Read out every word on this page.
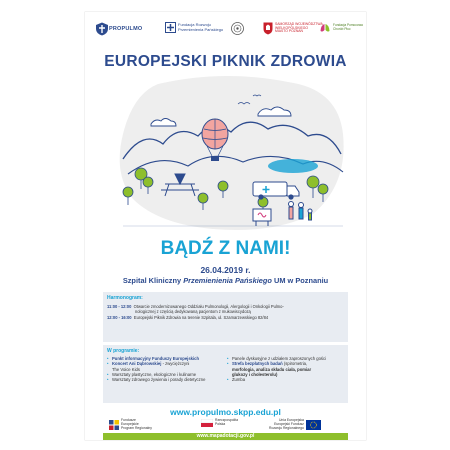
PROPULMO
Fundacja Rozwoju
Przemienienia Pańskiego
SAMORZĄD WOJEWÓDZTWA
WIELKOPOLSKIEGO
MIASTO POZNAŃ
Fundacja Pomocowa
Chorób Płuc
EUROPEJSKI PIKNIK ZDROWIA
BĄDŹ Z NAMI!
26.04.2019 r.
Szpital Kliniczny Przemienienia Pańskiego UM w Poznaniu
Harmonogram:
11:00 - 12:00 Otwarcie zmodernizowanego Oddziału Pulmonologii, Alergologii i Onkologii Pulmo-
nologicznej z częścią dedykowaną pacjentom z mukowiscydozą
12:00 - 16:00 Europejski Piknik Zdrowia na terenie Szpitala, ul. Szamarzewskiego 82/84
W programie:
• Punkt informacyjny Funduszy Europejskich
• Koncert Ani Dąbrowskiej - zwyciężczyni
The Voice Kids
• Warsztaty plastyczne, ekologiczne i kulinarne
• Warsztaty zdrowego żywienia i porady dietetyczne
• Panele dyskusyjne z udziałem zaproszonych gości
• Strefa bezpłatnych badań (spirometria,
morfologia, analiza składu ciała, pomiar
glukozy i cholesterolu)
• Zumba
www.propulmo.skpp.edu.pl
Fundusze
Europejskie
Program Regionalny
Rzeczpospolita
Polska
Unia Europejska
Europejski Fundusz
Rozwoju Regionalnego
www.mapadotacji.gov.pl
